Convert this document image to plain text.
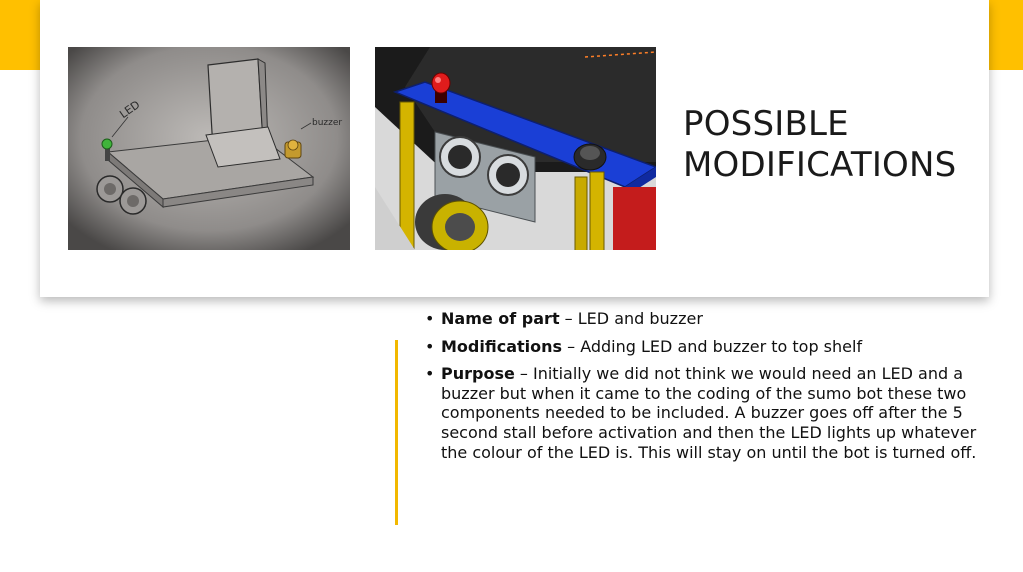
LED
buzzer	POSSIBLE
MODIFICATIONS
• Name of part – LED and buzzer
• Modifications – Adding LED and buzzer to top shelf
• Purpose – Initially we did not think we would need an LED and a buzzer but when it came to the coding of the sumo bot these two components needed to be included. A buzzer goes off after the 5 second stall before activation and then the LED lights up whatever the colour of the LED is. This will stay on until the bot is turned off.
